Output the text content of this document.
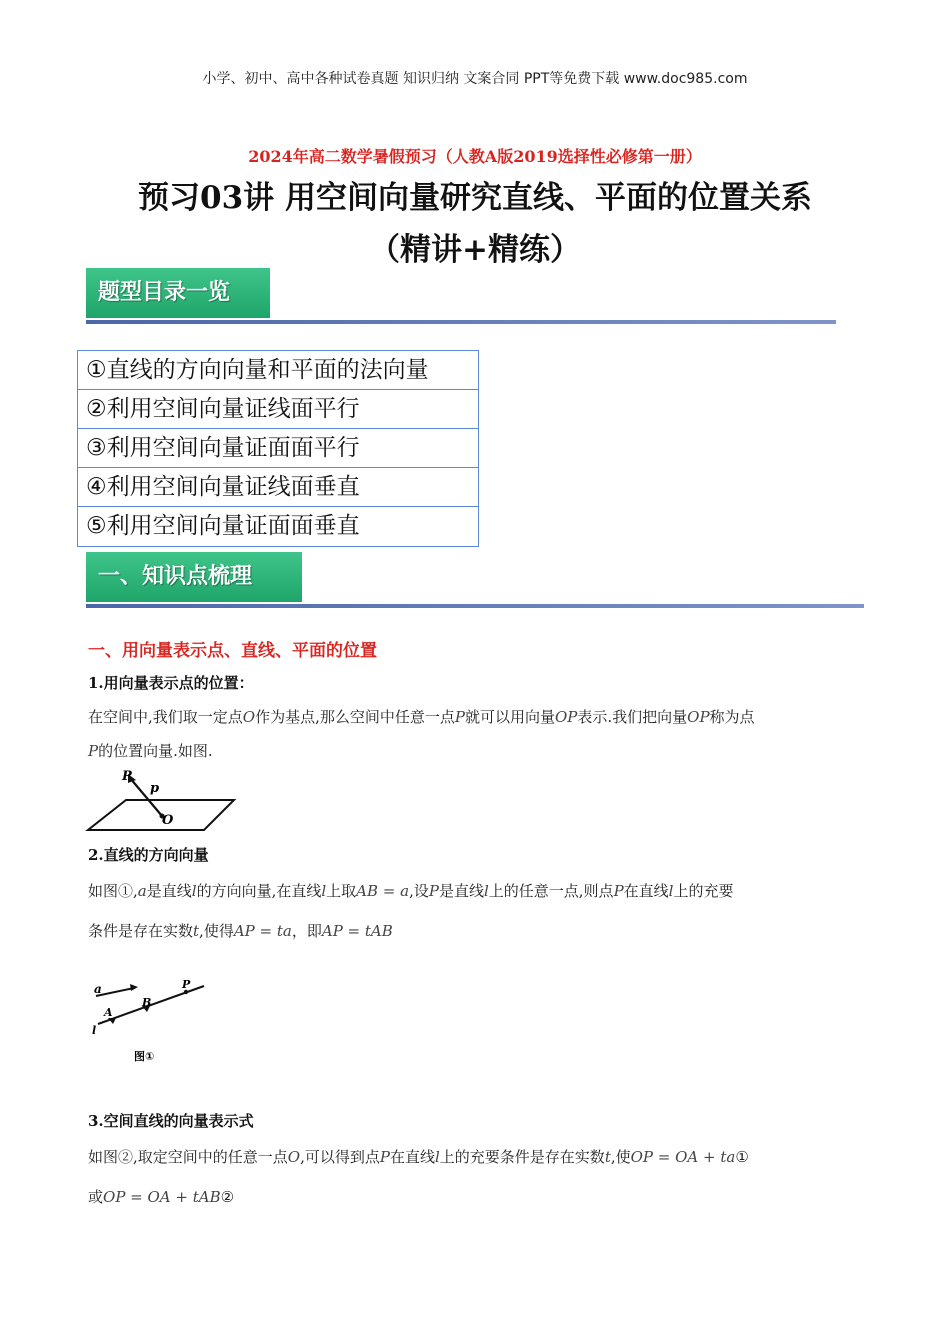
小学、初中、高中各种试卷真题 知识归纳 文案合同 PPT等免费下载 www.doc985.com
2024年高二数学暑假预习（人教A版2019选择性必修第一册）
预习03讲 用空间向量研究直线、平面的位置关系
（精讲+精练）
题型目录一览
①直线的方向向量和平面的法向量
②利用空间向量证线面平行
③利用空间向量证面面平行
④利用空间向量证线面垂直
⑤利用空间向量证面面垂直
一、知识点梳理
一、用向量表示点、直线、平面的位置
1.用向量表示点的位置：
在空间中,我们取一定点O作为基点,那么空间中任意一点P就可以用向量OP表示.我们把向量OP称为点
P的位置向量.如图.
P
p
O
2.直线的方向向量
如图①,a是直线l的方向向量,在直线l上取AB = a,设P是直线l上的任意一点,则点P在直线l上的充要
条件是存在实数t,使得AP = ta，即AP = tAB
a
A
B
P
l
图①
3.空间直线的向量表示式
如图②,取定空间中的任意一点O,可以得到点P在直线l上的充要条件是存在实数t,使OP = OA + ta①
或OP = OA + tAB②
